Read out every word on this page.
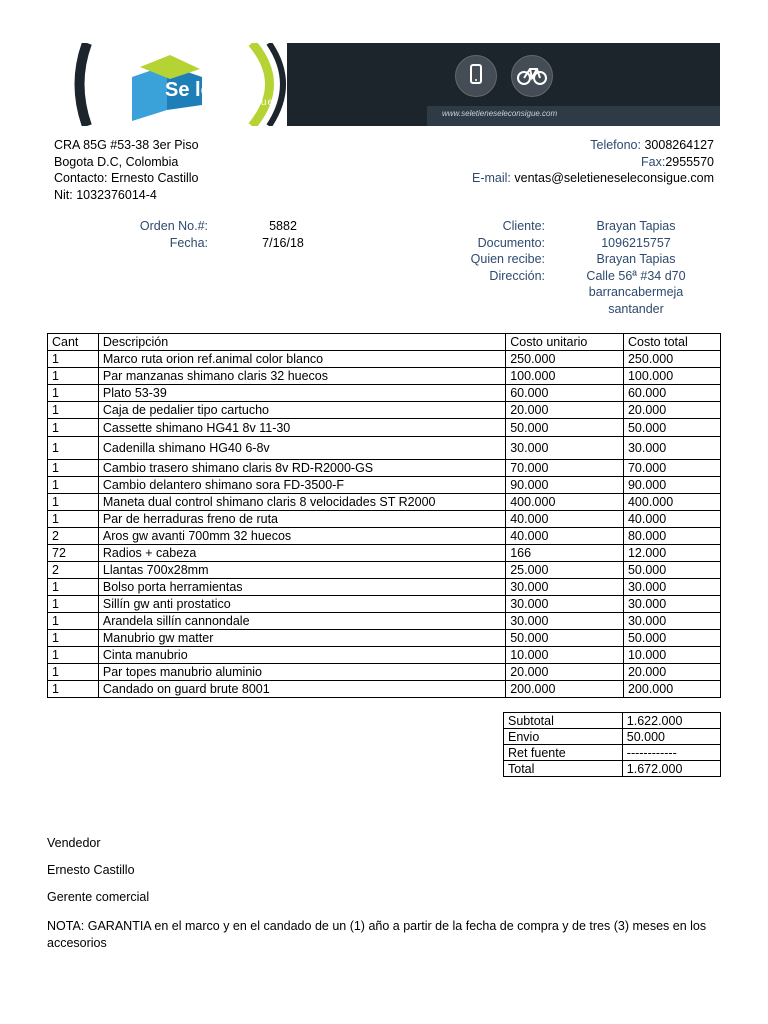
Se le tiene
consigue
www.seletieneseleconsigue.com
CRA 85G #53-38 3er Piso
Bogota D.C, Colombia
Contacto: Ernesto Castillo
Nit: 1032376014-4
Telefono: 3008264127
Fax:2955570
E-mail: ventas@seletieneseleconsigue.com
Orden No.#:	5882
Fecha:	7/16/18
Cliente:	Brayan Tapias
Documento:	1096215757
Quien recibe:	Brayan Tapias
Dirección:	Calle 56ª #34 d70
barrancabermeja
santander
Cant	Descripción	Costo unitario	Costo total
1	Marco ruta orion ref.animal color blanco	250.000	250.000
1	Par manzanas shimano claris 32 huecos	100.000	100.000
1	Plato 53-39	60.000	60.000
1	Caja de pedalier tipo cartucho	20.000	20.000
1	Cassette shimano HG41 8v 11-30	50.000	50.000
1	Cadenilla shimano HG40 6-8v	30.000	30.000
1	Cambio trasero shimano claris 8v RD-R2000-GS	70.000	70.000
1	Cambio delantero shimano sora FD-3500-F	90.000	90.000
1	Maneta dual control shimano claris 8 velocidades ST R2000	400.000	400.000
1	Par de herraduras freno de ruta	40.000	40.000
2	Aros gw avanti 700mm 32 huecos	40.000	80.000
72	Radios + cabeza	166	12.000
2	Llantas 700x28mm	25.000	50.000
1	Bolso porta herramientas	30.000	30.000
1	Sillín gw anti prostatico	30.000	30.000
1	Arandela sillín cannondale	30.000	30.000
1	Manubrio gw matter	50.000	50.000
1	Cinta manubrio	10.000	10.000
1	Par topes manubrio aluminio	20.000	20.000
1	Candado on guard brute 8001	200.000	200.000
Subtotal	1.622.000
Envio	50.000
Ret fuente	------------
Total	1.672.000
Vendedor
Ernesto Castillo
Gerente comercial
NOTA: GARANTIA en el marco y en el candado de un (1) año a partir de la fecha de compra y de tres (3) meses en los
accesorios
